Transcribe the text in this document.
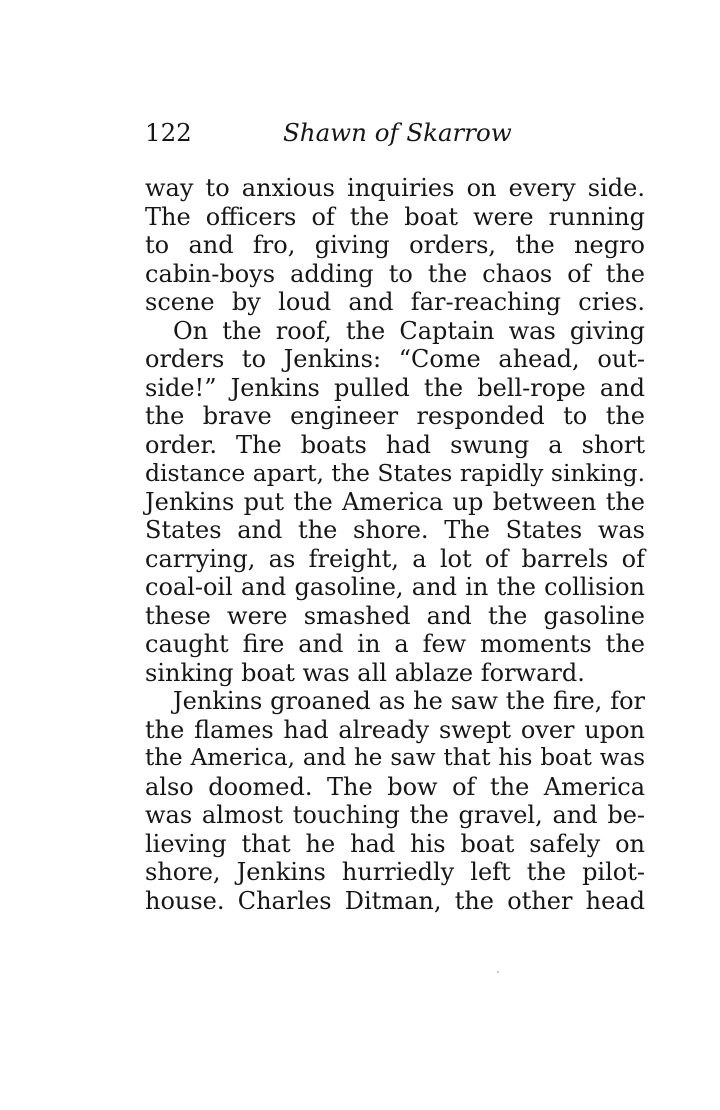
122	Shawn of Skarrow
way to anxious inquiries on every side.
The officers of the boat were running
to and fro, giving orders, the negro
cabin-boys adding to the chaos of the
scene by loud and far-reaching cries.
On the roof, the Captain was giving
orders to Jenkins: “Come ahead, out-
side!” Jenkins pulled the bell-rope and
the brave engineer responded to the
order. The boats had swung a short
distance apart, the States rapidly sinking.
Jenkins put the America up between the
States and the shore. The States was
carrying, as freight, a lot of barrels of
coal-oil and gasoline, and in the collision
these were smashed and the gasoline
caught fire and in a few moments the
sinking boat was all ablaze forward.
Jenkins groaned as he saw the fire, for
the flames had already swept over upon
the America, and he saw that his boat was
also doomed. The bow of the America
was almost touching the gravel, and be-
lieving that he had his boat safely on
shore, Jenkins hurriedly left the pilot-
house. Charles Ditman, the other head
